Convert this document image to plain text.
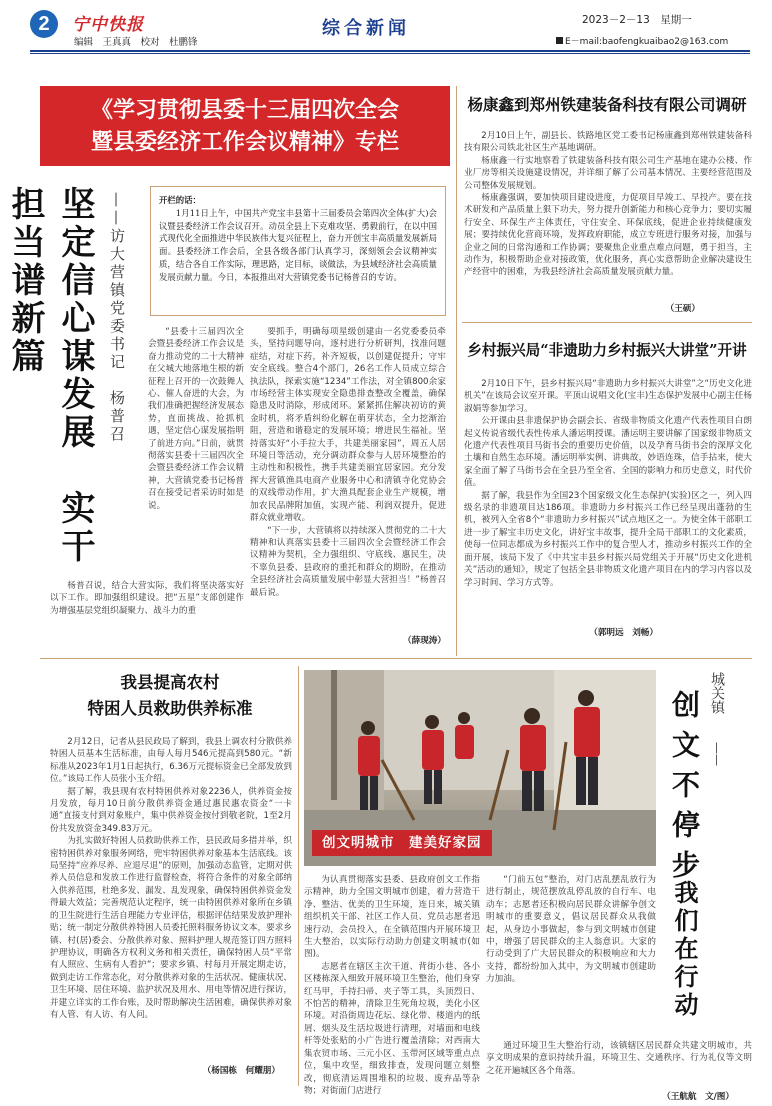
2	宁中快报
编辑　王真真　校对　杜鹏锋
综合新闻	2023－2－13　星期一
E－mail:baofengkuaibao2@163.com
《学习贯彻县委十三届四次全会
暨县委经济工作会议精神》专栏
坚定信心谋发展　实干担当谱新篇	——访大营镇党委书记　杨普召	开栏的话：
1月11日上午，中国共产党宝丰县第十三届委员会第四次全体(扩大)会议暨县委经济工作会议召开。动员全县上下克难攻坚、勇毅前行，在以中国式现代化全面推进中华民族伟大复兴征程上，奋力开创宝丰高质量发展新局面。县委经济工作会后，全县各级各部门认真学习，深刻领会会议精神实质，结合各自工作实际，理思路，定目标，谈做法，为县域经济社会高质量发展贡献力量。今日，本报推出对大营镇党委书记杨普召的专访。

“县委十三届四次全会暨县委经济工作会议是奋力推动党的二十大精神在父城大地落地生根的新征程上召开的一次鼓舞人心、催人奋进的大会，为我们准确把握经济发展态势，直面挑战、抢抓机遇，坚定信心谋发展指明了前进方向。”日前，就贯彻落实县委十三届四次全会暨县委经济工作会议精神，大营镇党委书记杨普召在接受记者采访时如是说。

杨普召说，结合大营实际，我们将坚决落实好以下工作。即加强组织建设。把“五星”支部创建作为增强基层党组织凝聚力、战斗力的重

要抓手，明确每项星级创建由一名党委委员牵头，坚持问题导向，逐村进行分析研判，找准问题症结，对症下药，补齐短板，以创建促提升；守牢安全底线。整合4个部门，26名工作人员成立综合执法队，探索实施“1234”工作法，对全镇800余家市场经营主体实现安全隐患排查整改全覆盖，确保隐患及时消除，形成闭环。紧紧抓住解决初访的黄金时机，将矛盾纠纷化解在萌芽状态，全力挖渐治阻，营造和谐稳定的发展环境；增进民生福祉。坚持落实好“小手拉大手，共建美丽家园”，周五人居环境日等活动，充分调动群众参与人居环境整治的主动性和积极性，携手共建美丽宜居家园。充分发挥大营镇渔具电商产业服务中心和清镇寺化党协会的双线带动作用，扩大渔具配套企业生产规模，增加农民品牌附加值，实现产能、利润双提升，促进群众就业增收。

“下一步，大营镇将以持续深入贯彻党的二十大精神和认真落实县委十三届四次全会暨经济工作会议精神为契机，全力强组织、守底线、惠民生，决不辜负县委、县政府的重托和群众的期盼，在推动全县经济社会高质量发展中彰显大营担当！”杨普召最后说。

（薛现涛）
杨康鑫到郑州铁建装备科技有限公司调研

2月10日上午，副县长、铁路地区党工委书记杨康鑫到郑州铁建装备科技有限公司铁北社区生产基地调研。

杨康鑫一行实地察看了铁建装备科技有限公司生产基地在建办公楼、作业厂房等相关设施建设情况，并详细了解了公司基本情况、主要经营范围及公司整体发展规划。

杨康鑫强调，要加快项目建设进度，力促项目早竣工、早投产。要在技术研发和产品质量上狠下功夫，努力提升创新能力和核心竞争力；要切实履行安全、环保生产主体责任，守住安全、环保底线，促进企业持续健康发展；要持续优化营商环境，发挥政府职能，成立专班进行服务对接，加强与企业之间的日常沟通和工作协调；要聚焦企业重点难点问题，勇于担当，主动作为，积极帮助企业对接政策，优化服务，真心实意帮助企业解决建设生产经营中的困难，为我县经济社会高质量发展贡献力量。

（王硕）
乡村振兴局“非遗助力乡村振兴大讲堂”开讲

2月10日下午，县乡村振兴局“非遗助力乡村振兴大讲堂”之“历史文化进机关”在该局会议室开课。平顶山说唱文化(宝丰)生态保护发展中心副主任杨淑娟等参加学习。

公开课由县非遗保护协会副会长、省级非物质文化遗产代表性项目白朗起义传说省级代表性传承人潘运明授课。潘运明主要讲解了国家级非物质文化遗产代表性项目马街书会的重要历史价值，以及孕育马街书会的深厚文化土壤和自然生态环境。潘运明举实例、讲典故，妙语连珠，信手拈来，使大家全面了解了马街书会在全县乃至全省、全国的影响力和历史意义，时代价值。

据了解，我县作为全国23个国家级文化生态保护(实验)区之一，列入四级名录的非遗项目达186项。非遗助力乡村振兴工作已经呈现出蓬勃的生机，被列入全省8个“非遗助力乡村振兴”试点地区之一。为使全体干部职工进一步了解宝丰历史文化，讲好宝丰故事，提升全局干部职工的文化素质，使每一位同志都成为乡村振兴工作中的复合型人才，推动乡村振兴工作的全面开展，该局下发了《中共宝丰县乡村振兴局党组关于开展“历史文化进机关”活动的通知》，规定了包括全县非物质文化遗产项目在内的学习内容以及学习时间、学习方式等。

（郭明远　刘畅）
我县提高农村
特困人员救助供养标准

2月12日，记者从县民政局了解到，我县上调农村分散供养特困人员基本生活标准，由每人每月546元提高到580元。“新标准从2023年1月1日起执行，6.36万元提标资金已全部发放到位。”该局工作人员张小玉介绍。

据了解，我县现有农村特困供养对象2236人，供养资金按月发放，每月10日前分散供养资金通过惠民惠农资金“一卡通”直接支付到对象账户，集中供养资金按付到敬老院，1至2月份共发放资金349.83万元。

为扎实做好特困人员救助供养工作，县民政局多措并举，织密特困供养对象服务网络，兜牢特困供养对象基本生活底线。该局坚持“应养尽养、应退尽退”的原则，加强动态监管，定期对供养人员信息和发放工作进行监督检查，将符合条件的对象全部纳入供养范围，杜绝多发、漏发、乱发现象，确保特困供养资金发得最大效益；完善规范认定程序，统一由特困供养对象所在乡镇的卫生院进行生活自理能力专业评估，根据评估结果发放护理补贴；统一制定分散供养特困人员委托照料服务协议文本，要求乡镇、村(居)委会、分散供养对象、照料护理人规范签订四方照料护理协议，明确各方权利义务和相关责任，确保特困人员“平常有人照应、生病有人看护”；要求乡镇、村每月开展定期走访，做到走访工作常态化，对分散供养对象的生活状况、健康状况、卫生环境、居住环境、监护状况及用水、用电等情况进行探访，并建立详实的工作台账，及时帮助解决生活困难，确保供养对象有人管、有人访、有人问。

（杨国栋　何耀朋）
创文明城市　建美好家园

为认真贯彻落实县委、县政府创文工作指示精神，助力全国文明城市创建，着力营造干净、整洁、优美的卫生环境，连日来，城关镇组织机关干部、社区工作人员、党员志愿者迅速行动，会员投入，在全镇范围内开展环境卫生大整治，以实际行动助力创建文明城市(如图)。

志愿者在辖区主次干道、背街小巷、各小区楼栋深入细致开展环境卫生整治，他们身穿红马甲，手持扫帚、夹子等工具，头顶烈日、不怕苦的精神，清除卫生死角垃圾，美化小区环境。对沿街周边花坛、绿化带、楼道内的纸屑、烟头及生活垃圾进行清理，对墙面和电线杆等处张贴的小广告进行覆盖清除；对西南大集农贸市场、三元小区、玉带河区域等重点点位，集中攻坚，细致排查，发现问题立刻整改，彻底清运周围堆积的垃圾、废弃品等杂物；对街面门店进行

“门前五包”整治，对门店乱摆乱放行为进行制止，规范摆放乱停乱放的自行车、电动车；志愿者还积极向居民群众讲解争创文明城市的重要意义，倡议居民群众从我做起，从身边小事做起，参与到文明城市创建中，增强了居民群众的主人翁意识。大家的行动受到了广大居民群众的积极响应和大力支持，都纷纷加入其中，为文明城市创建助力加油。

通过环境卫生大整治行动，该镇辖区居民群众共建文明城市，共享文明成果的意识持续升温，环境卫生、交通秩序、行为礼仪等文明之花开遍城区各个角落。

（王航航　文/图）
城关镇
——
创文不停步
我们在行动
